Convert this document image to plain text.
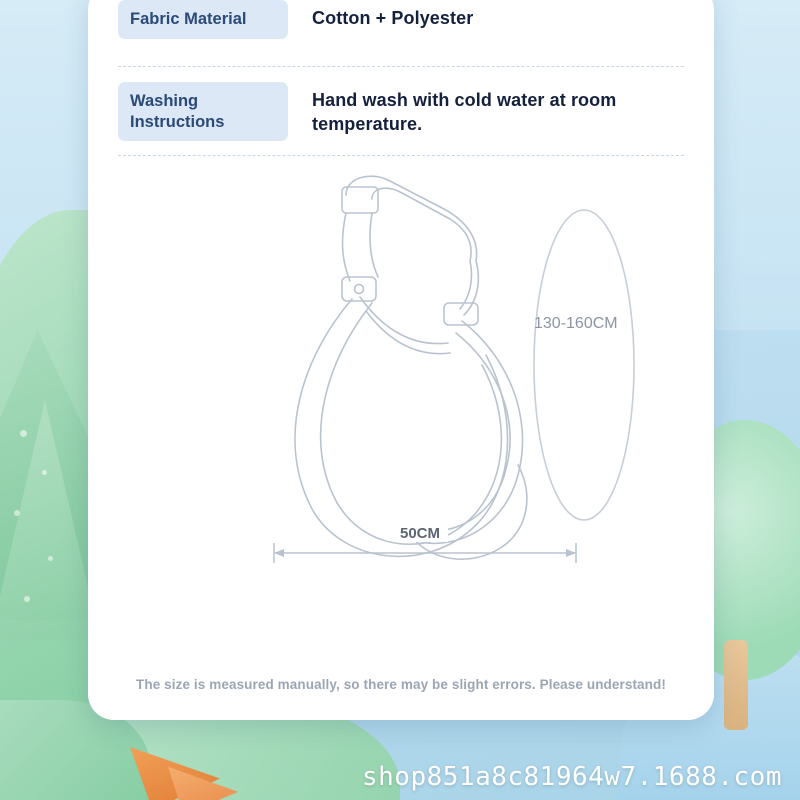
Fabric Material	Cotton + Polyester
Washing Instructions
Hand wash with cold water at room temperature.
130-160CM
50CM
The size is measured manually, so there may be slight errors. Please understand!
shop851a8c81964w7.1688.com
